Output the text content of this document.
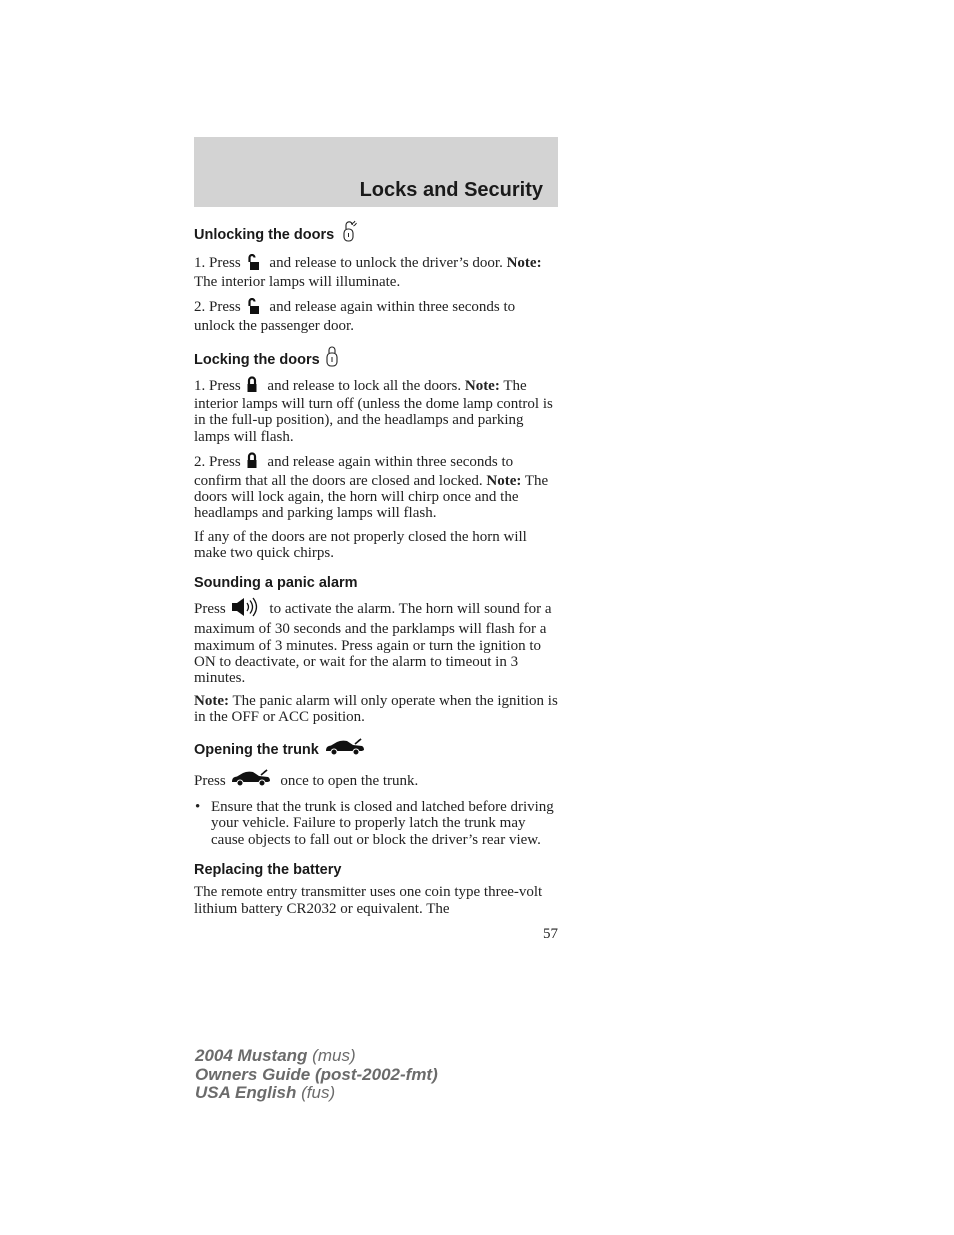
Locks and Security
Unlocking the doors

1. Press and release to unlock the driver’s door. Note: The interior lamps will illuminate.

2. Press and release again within three seconds to unlock the passenger door.

Locking the doors

1. Press and release to lock all the doors. Note: The interior lamps will turn off (unless the dome lamp control is in the full-up position), and the headlamps and parking lamps will flash.

2. Press and release again within three seconds to confirm that all the doors are closed and locked. Note: The doors will lock again, the horn will chirp once and the headlamps and parking lamps will flash.

If any of the doors are not properly closed the horn will make two quick chirps.

Sounding a panic alarm

Press	to activate the alarm. The horn will sound for a maximum of 30 seconds and the parklamps will flash for a maximum of 3 minutes. Press again or turn the ignition to ON to deactivate, or wait for the alarm to timeout in 3 minutes.

Note: The panic alarm will only operate when the ignition is in the OFF or ACC position.

Opening the trunk

Press	once to open the trunk.

• Ensure that the trunk is closed and latched before driving your vehicle. Failure to properly latch the trunk may cause objects to fall out or block the driver’s rear view.
Replacing the battery

The remote entry transmitter uses one coin type three-volt lithium battery CR2032 or equivalent. The

57
2004 Mustang (mus)
Owners Guide (post-2002-fmt)
USA English (fus)
